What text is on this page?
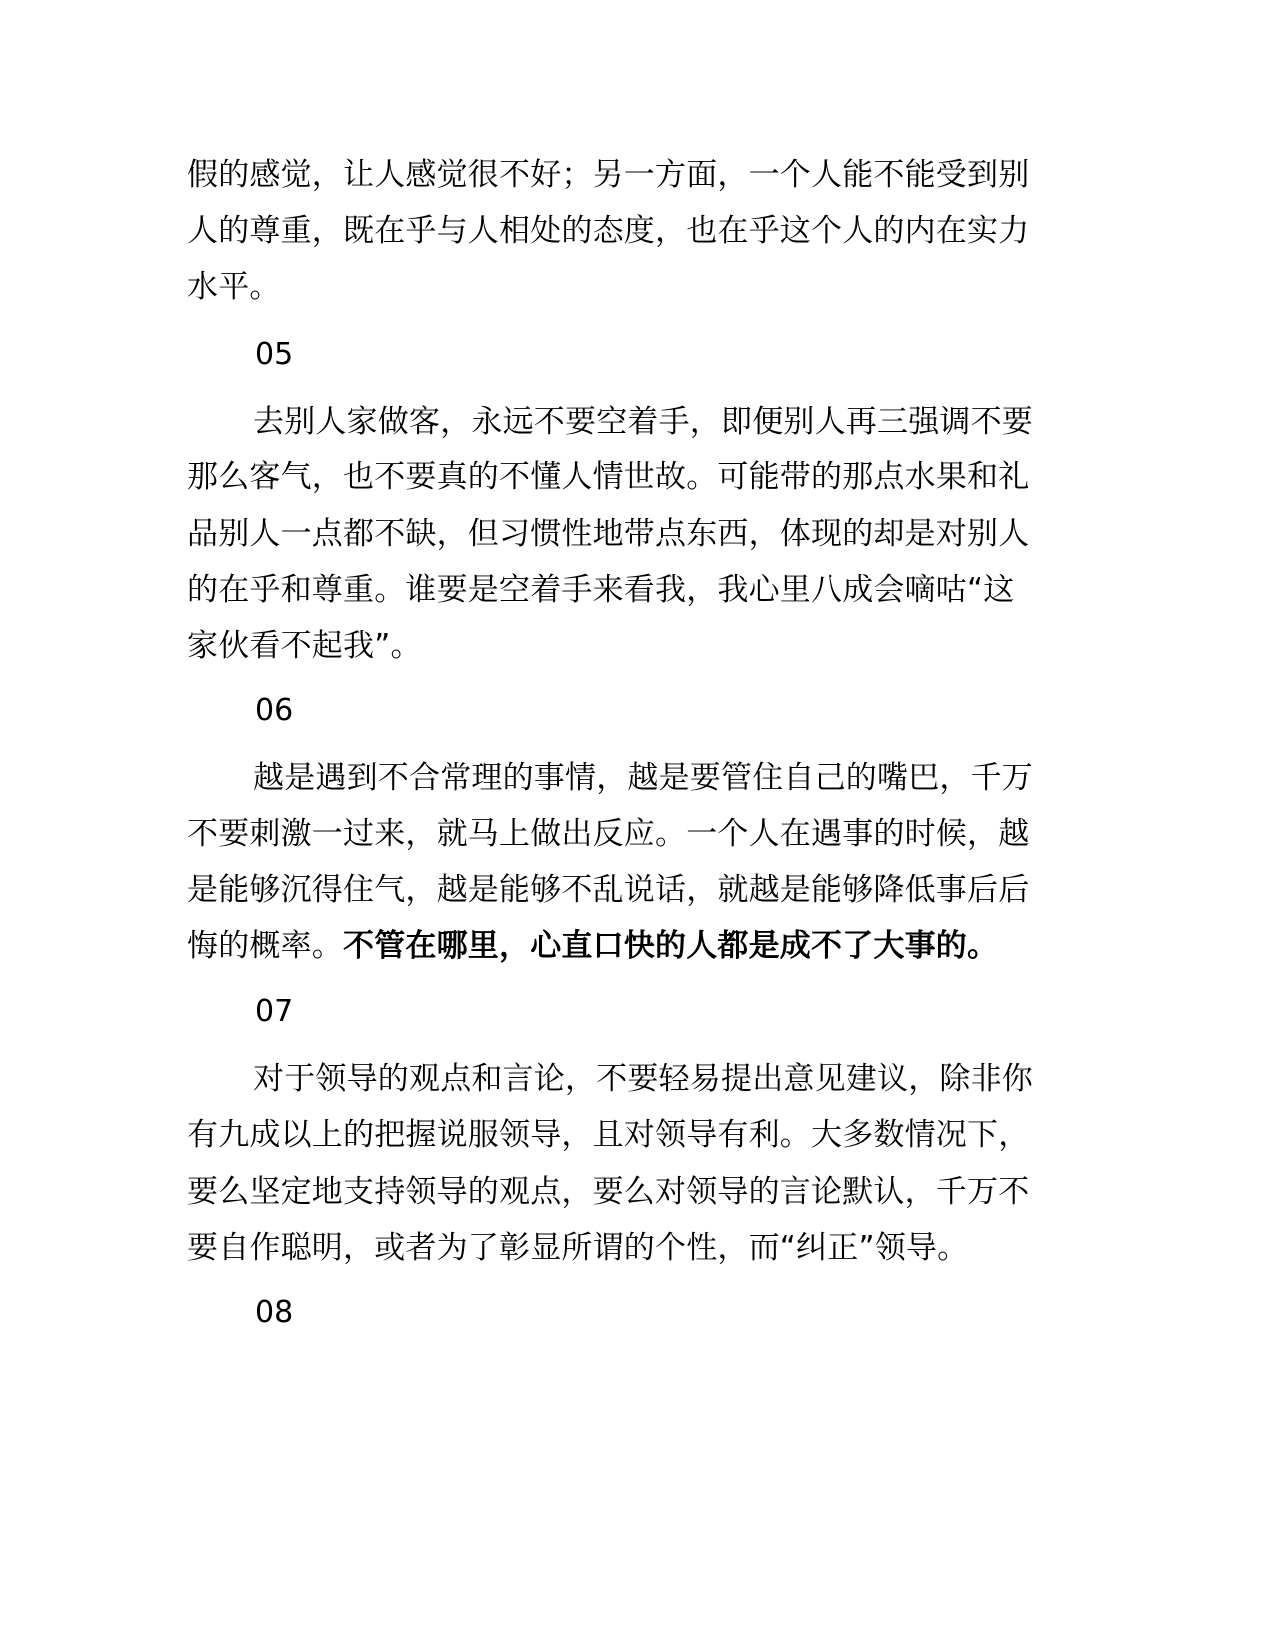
假的感觉，让人感觉很不好；另一方面，一个人能不能受到别
人的尊重，既在乎与人相处的态度，也在乎这个人的内在实力
水平。
05
去别人家做客，永远不要空着手，即便别人再三强调不要
那么客气，也不要真的不懂人情世故。可能带的那点水果和礼
品别人一点都不缺，但习惯性地带点东西，体现的却是对别人
的在乎和尊重。谁要是空着手来看我，我心里八成会嘀咕“这
家伙看不起我”。
06
越是遇到不合常理的事情，越是要管住自己的嘴巴，千万
不要刺激一过来，就马上做出反应。一个人在遇事的时候，越
是能够沉得住气，越是能够不乱说话，就越是能够降低事后后
悔的概率。不管在哪里，心直口快的人都是成不了大事的。
07
对于领导的观点和言论，不要轻易提出意见建议，除非你
有九成以上的把握说服领导，且对领导有利。大多数情况下，
要么坚定地支持领导的观点，要么对领导的言论默认，千万不
要自作聪明，或者为了彰显所谓的个性，而“纠正”领导。
08
